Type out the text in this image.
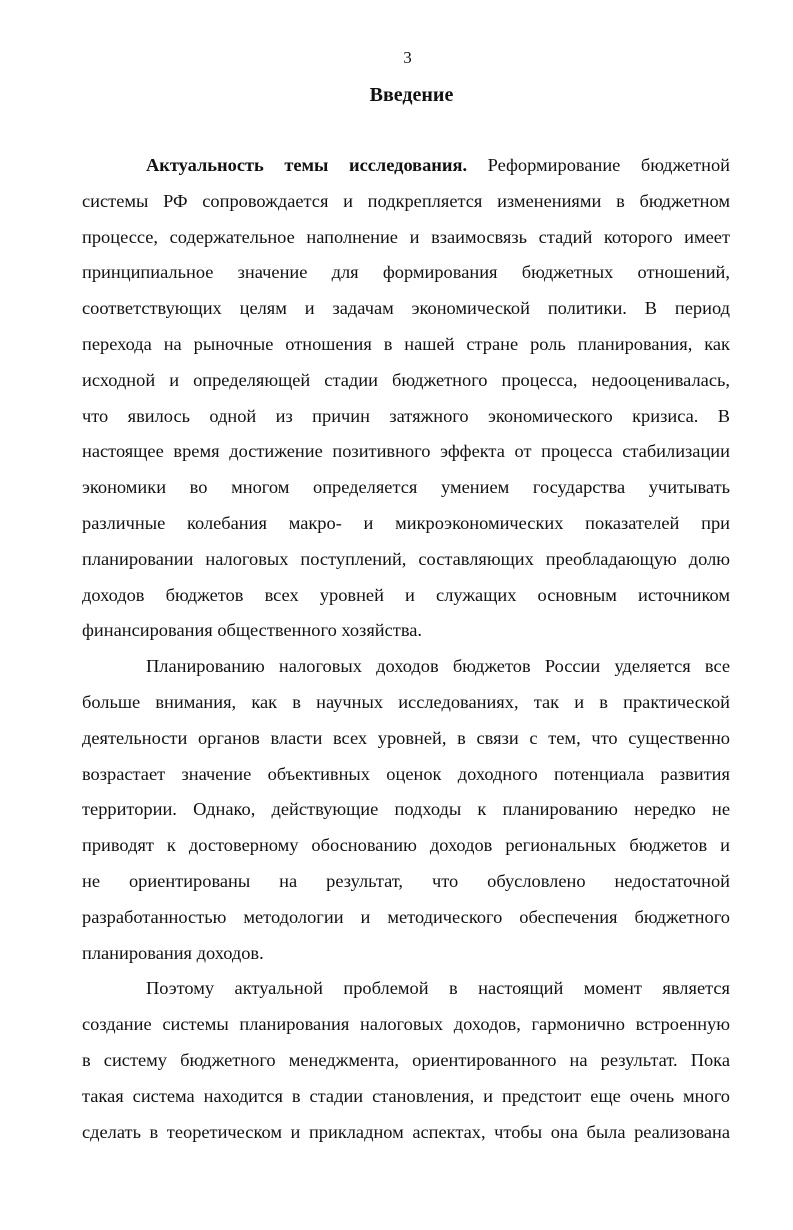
3
Введение
Актуальность темы исследования. Реформирование бюджетной
системы РФ сопровождается и подкрепляется изменениями в бюджетном
процессе, содержательное наполнение и взаимосвязь стадий которого имеет
принципиальное значение для формирования бюджетных отношений,
соответствующих целям и задачам экономической политики. В период
перехода на рыночные отношения в нашей стране роль планирования, как
исходной и определяющей стадии бюджетного процесса, недооценивалась,
что явилось одной из причин затяжного экономического кризиса. В
настоящее время достижение позитивного эффекта от процесса стабилизации
экономики во многом определяется умением государства учитывать
различные колебания макро- и микроэкономических показателей при
планировании налоговых поступлений, составляющих преобладающую долю
доходов бюджетов всех уровней и служащих основным источником
финансирования общественного хозяйства.
Планированию налоговых доходов бюджетов России уделяется все
больше внимания, как в научных исследованиях, так и в практической
деятельности органов власти всех уровней, в связи с тем, что существенно
возрастает значение объективных оценок доходного потенциала развития
территории. Однако, действующие подходы к планированию нередко не
приводят к достоверному обоснованию доходов региональных бюджетов и
не ориентированы на результат, что обусловлено недостаточной
разработанностью методологии и методического обеспечения бюджетного
планирования доходов.
Поэтому актуальной проблемой в настоящий момент является
создание системы планирования налоговых доходов, гармонично встроенную
в систему бюджетного менеджмента, ориентированного на результат. Пока
такая система находится в стадии становления, и предстоит еще очень много
сделать в теоретическом и прикладном аспектах, чтобы она была реализована
